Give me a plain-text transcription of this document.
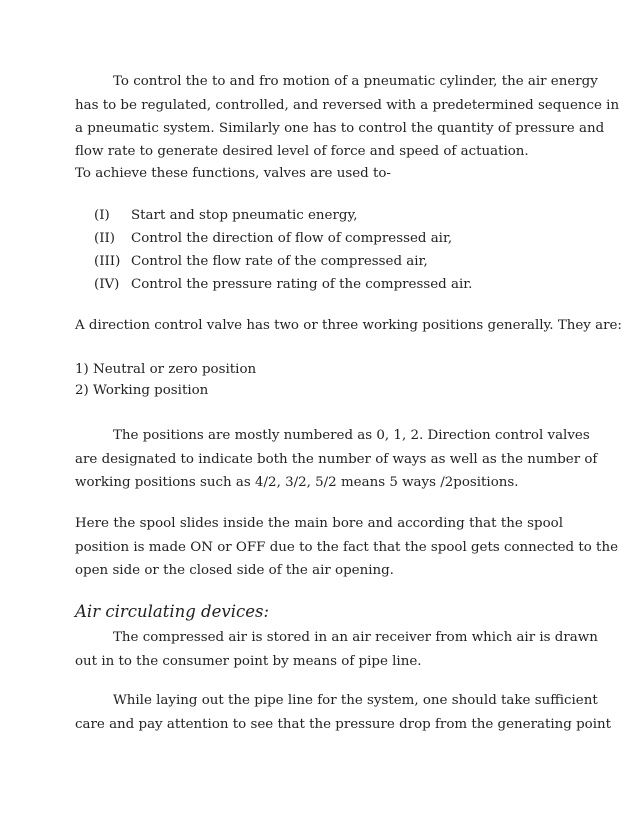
To control the to and fro motion of a pneumatic cylinder, the air energy
has to be regulated, controlled, and reversed with a predetermined sequence in
a pneumatic system. Similarly one has to control the quantity of pressure and
flow rate to generate desired level of force and speed of actuation.
To achieve these functions, valves are used to-
(I) Start and stop pneumatic energy,
(II) Control the direction of flow of compressed air,
(III) Control the flow rate of the compressed air,
(IV) Control the pressure rating of the compressed air.
A direction control valve has two or three working positions generally. They are:
1) Neutral or zero position
2) Working position
The positions are mostly numbered as 0, 1, 2. Direction control valves
are designated to indicate both the number of ways as well as the number of
working positions such as 4/2, 3/2, 5/2 means 5 ways /2positions.
Here the spool slides inside the main bore and according that the spool
position is made ON or OFF due to the fact that the spool gets connected to the
open side or the closed side of the air opening.
Air circulating devices:
The compressed air is stored in an air receiver from which air is drawn
out in to the consumer point by means of pipe line.
While laying out the pipe line for the system, one should take sufficient
care and pay attention to see that the pressure drop from the generating point
